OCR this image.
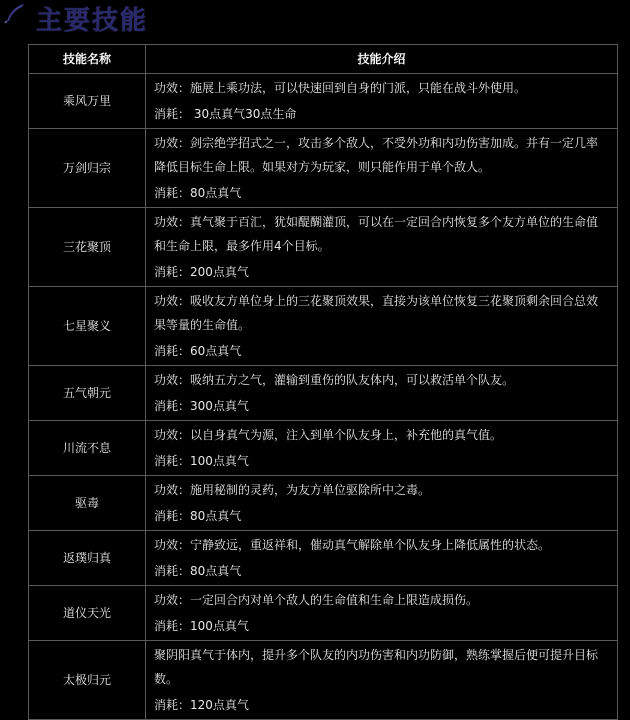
主要技能
技能名称	技能介绍
乘风万里	功效：施展上乘功法，可以快速回到自身的门派，只能在战斗外使用。
消耗： 30点真气30点生命

万剑归宗	功效：剑宗绝学招式之一，攻击多个敌人，不受外功和内功伤害加成。并有一定几率
降低目标生命上限。如果对方为玩家，则只能作用于单个敌人。
消耗：80点真气

三花聚顶	功效：真气聚于百汇，犹如醍醐灌顶，可以在一定回合内恢复多个友方单位的生命值
和生命上限，最多作用4个目标。
消耗：200点真气

七星聚义	功效：吸收友方单位身上的三花聚顶效果，直接为该单位恢复三花聚顶剩余回合总效
果等量的生命值。
消耗：60点真气

五气朝元	功效：吸纳五方之气，灌输到重伤的队友体内，可以救活单个队友。
消耗：300点真气

川流不息	功效：以自身真气为源，注入到单个队友身上，补充他的真气值。
消耗：100点真气

驱毒	功效：施用秘制的灵药，为友方单位驱除所中之毒。
消耗：80点真气

返璞归真	功效：宁静致远，重返祥和，催动真气解除单个队友身上降低属性的状态。
消耗：80点真气

道仪天光	功效：一定回合内对单个敌人的生命值和生命上限造成损伤。
消耗：100点真气

太极归元	聚阴阳真气于体内，提升多个队友的内功伤害和内功防御，熟练掌握后便可提升目标
数。
消耗：120点真气
